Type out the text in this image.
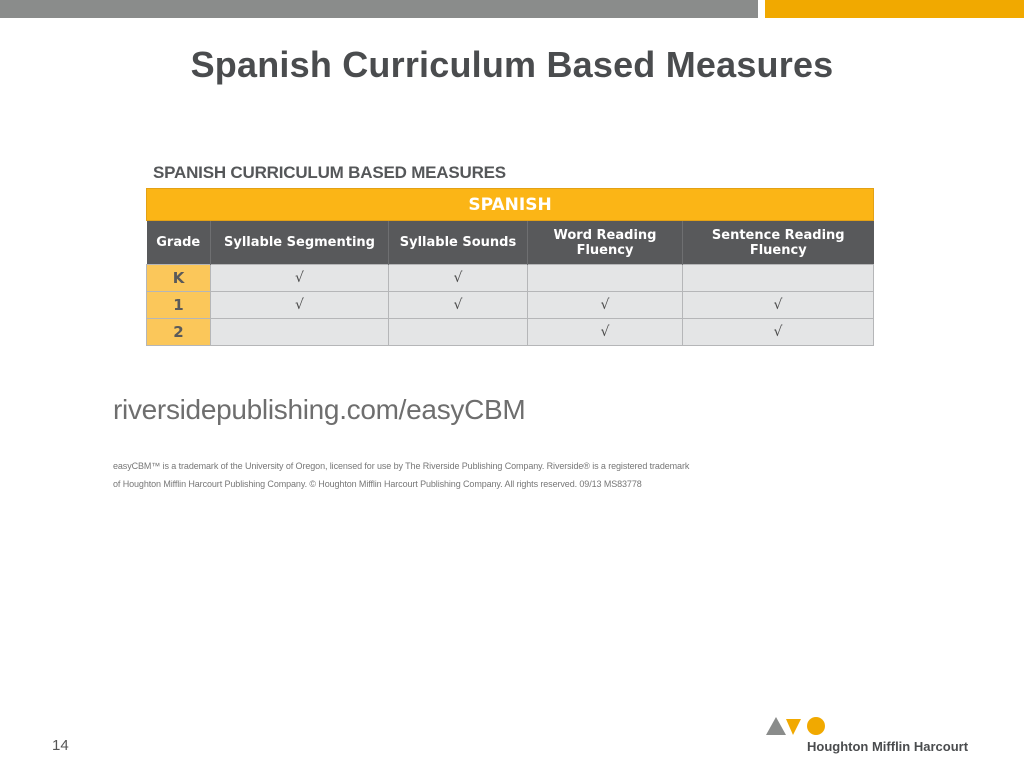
Spanish Curriculum Based Measures
SPANISH CURRICULUM BASED MEASURES
SPANISH				
Grade	Syllable Segmenting	Syllable Sounds	Word Reading Fluency	Sentence Reading Fluency
K	√	√		
1	√	√	√	√
2			√	√
riversidepublishing.com/easyCBM
easyCBM™ is a trademark of the University of Oregon, licensed for use by The Riverside Publishing Company. Riverside® is a registered trademark
of Houghton Mifflin Harcourt Publishing Company. © Houghton Mifflin Harcourt Publishing Company. All rights reserved. 09/13 MS83778
14	Houghton Mifflin Harcourt
